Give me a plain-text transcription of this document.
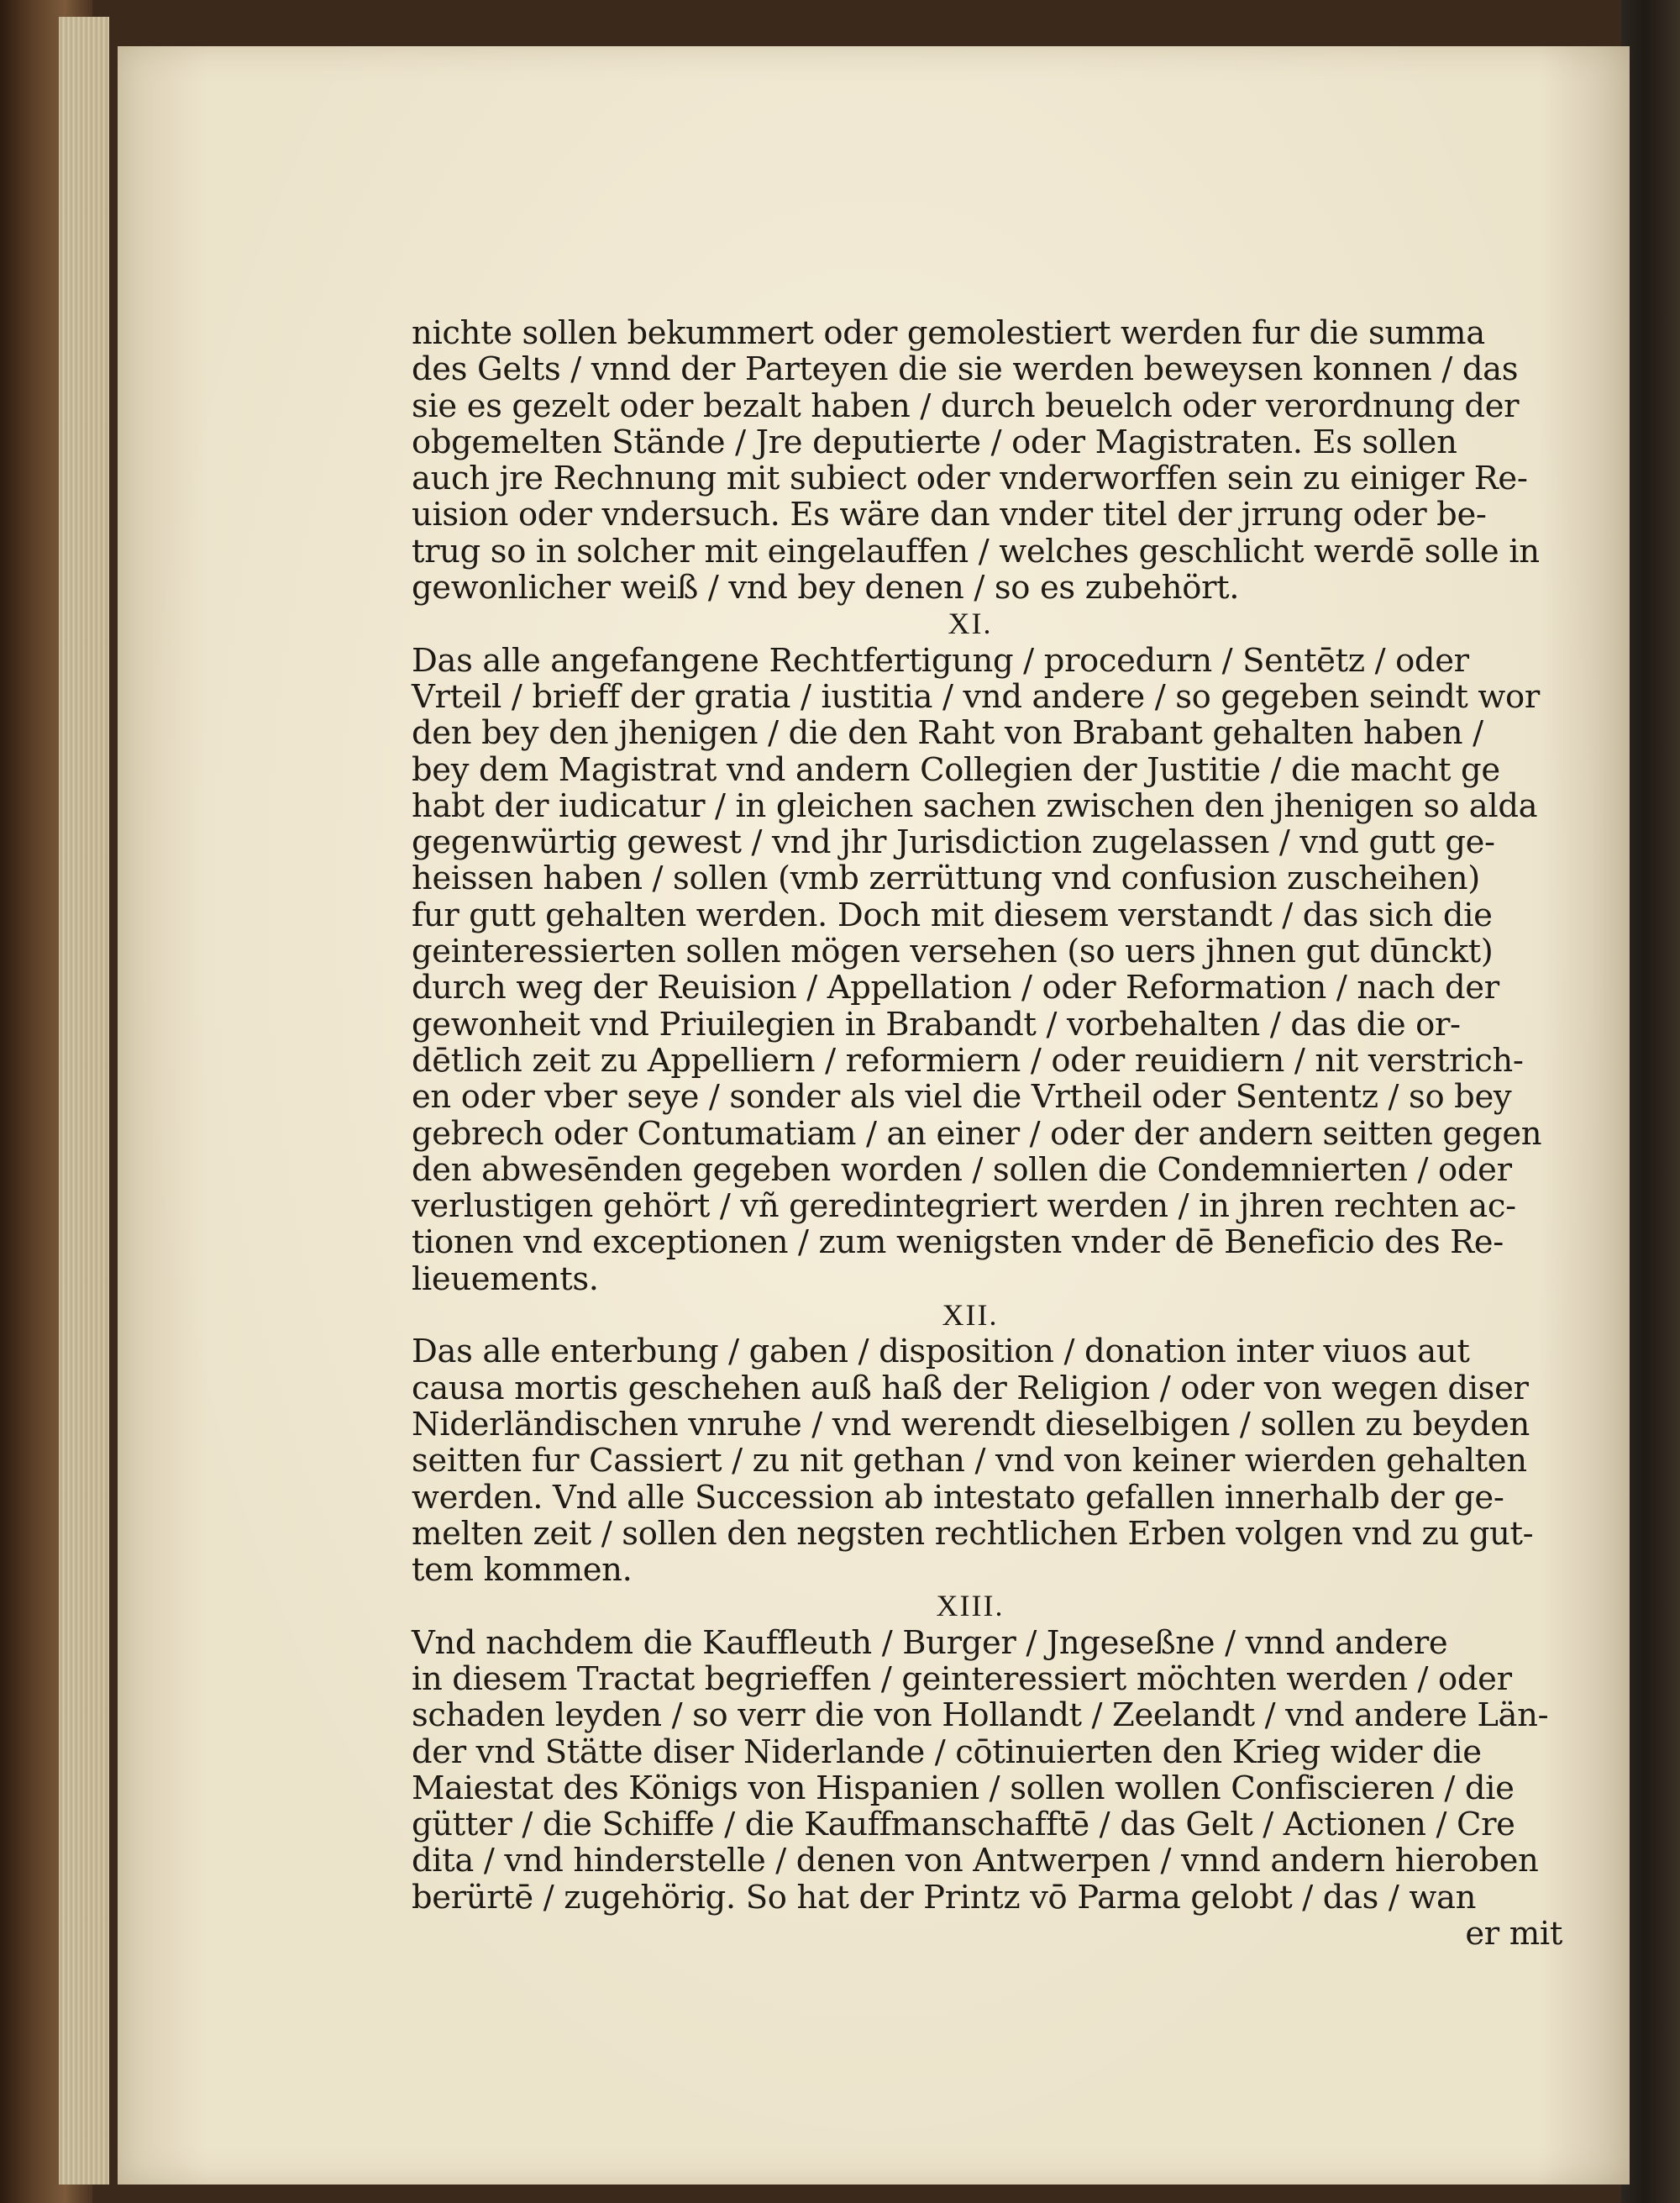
nichte sollen bekummert oder gemolestiert werden fur die summa
des Gelts / vnnd der Parteyen die sie werden beweysen konnen / das
sie es gezelt oder bezalt haben / durch beuelch oder verordnung der
obgemelten Stände / Jre deputierte / oder Magistraten. Es sollen
auch jre Rechnung mit subiect oder vnderworffen sein zu einiger Re-
uision oder vndersuch. Es wäre dan vnder titel der jrrung oder be-
trug so in solcher mit eingelauffen / welches geschlicht werdē solle in
gewonlicher weiß / vnd bey denen / so es zubehört.
XI.
Das alle angefangene Rechtfertigung / procedurn / Sentētz / oder
Vrteil / brieff der gratia / iustitia / vnd andere / so gegeben seindt wor
den bey den jhenigen / die den Raht von Brabant gehalten haben /
bey dem Magistrat vnd andern Collegien der Justitie / die macht ge
habt der iudicatur / in gleichen sachen zwischen den jhenigen so alda
gegenwürtig gewest / vnd jhr Jurisdiction zugelassen / vnd gutt ge-
heissen haben / sollen (vmb zerrüttung vnd confusion zuscheihen)
fur gutt gehalten werden. Doch mit diesem verstandt / das sich die
geinteressierten sollen mögen versehen (so uers jhnen gut dūnckt)
durch weg der Reuision / Appellation / oder Reformation / nach der
gewonheit vnd Priuilegien in Brabandt / vorbehalten / das die or-
dētlich zeit zu Appelliern / reformiern / oder reuidiern / nit verstrich-
en oder vber seye / sonder als viel die Vrtheil oder Sententz / so bey
gebrech oder Contumatiam / an einer / oder der andern seitten gegen
den abwesēnden gegeben worden / sollen die Condemnierten / oder
verlustigen gehört / vñ geredintegriert werden / in jhren rechten ac-
tionen vnd exceptionen / zum wenigsten vnder dē Beneficio des Re-
lieuements.
XII.
Das alle enterbung / gaben / disposition / donation inter viuos aut
causa mortis geschehen auß haß der Religion / oder von wegen diser
Niderländischen vnruhe / vnd werendt dieselbigen / sollen zu beyden
seitten fur Cassiert / zu nit gethan / vnd von keiner wierden gehalten
werden. Vnd alle Succession ab intestato gefallen innerhalb der ge-
melten zeit / sollen den negsten rechtlichen Erben volgen vnd zu gut-
tem kommen.
XIII.
Vnd nachdem die Kauffleuth / Burger / Jngeseßne / vnnd andere
in diesem Tractat begrieffen / geinteressiert möchten werden / oder
schaden leyden / so verr die von Hollandt / Zeelandt / vnd andere Län-
der vnd Stätte diser Niderlande / cōtinuierten den Krieg wider die
Maiestat des Königs von Hispanien / sollen wollen Confiscieren / die
gütter / die Schiffe / die Kauffmanschafftē / das Gelt / Actionen / Cre
dita / vnd hinderstelle / denen von Antwerpen / vnnd andern hieroben
berürtē / zugehörig. So hat der Printz vō Parma gelobt / das / wan
er mit
